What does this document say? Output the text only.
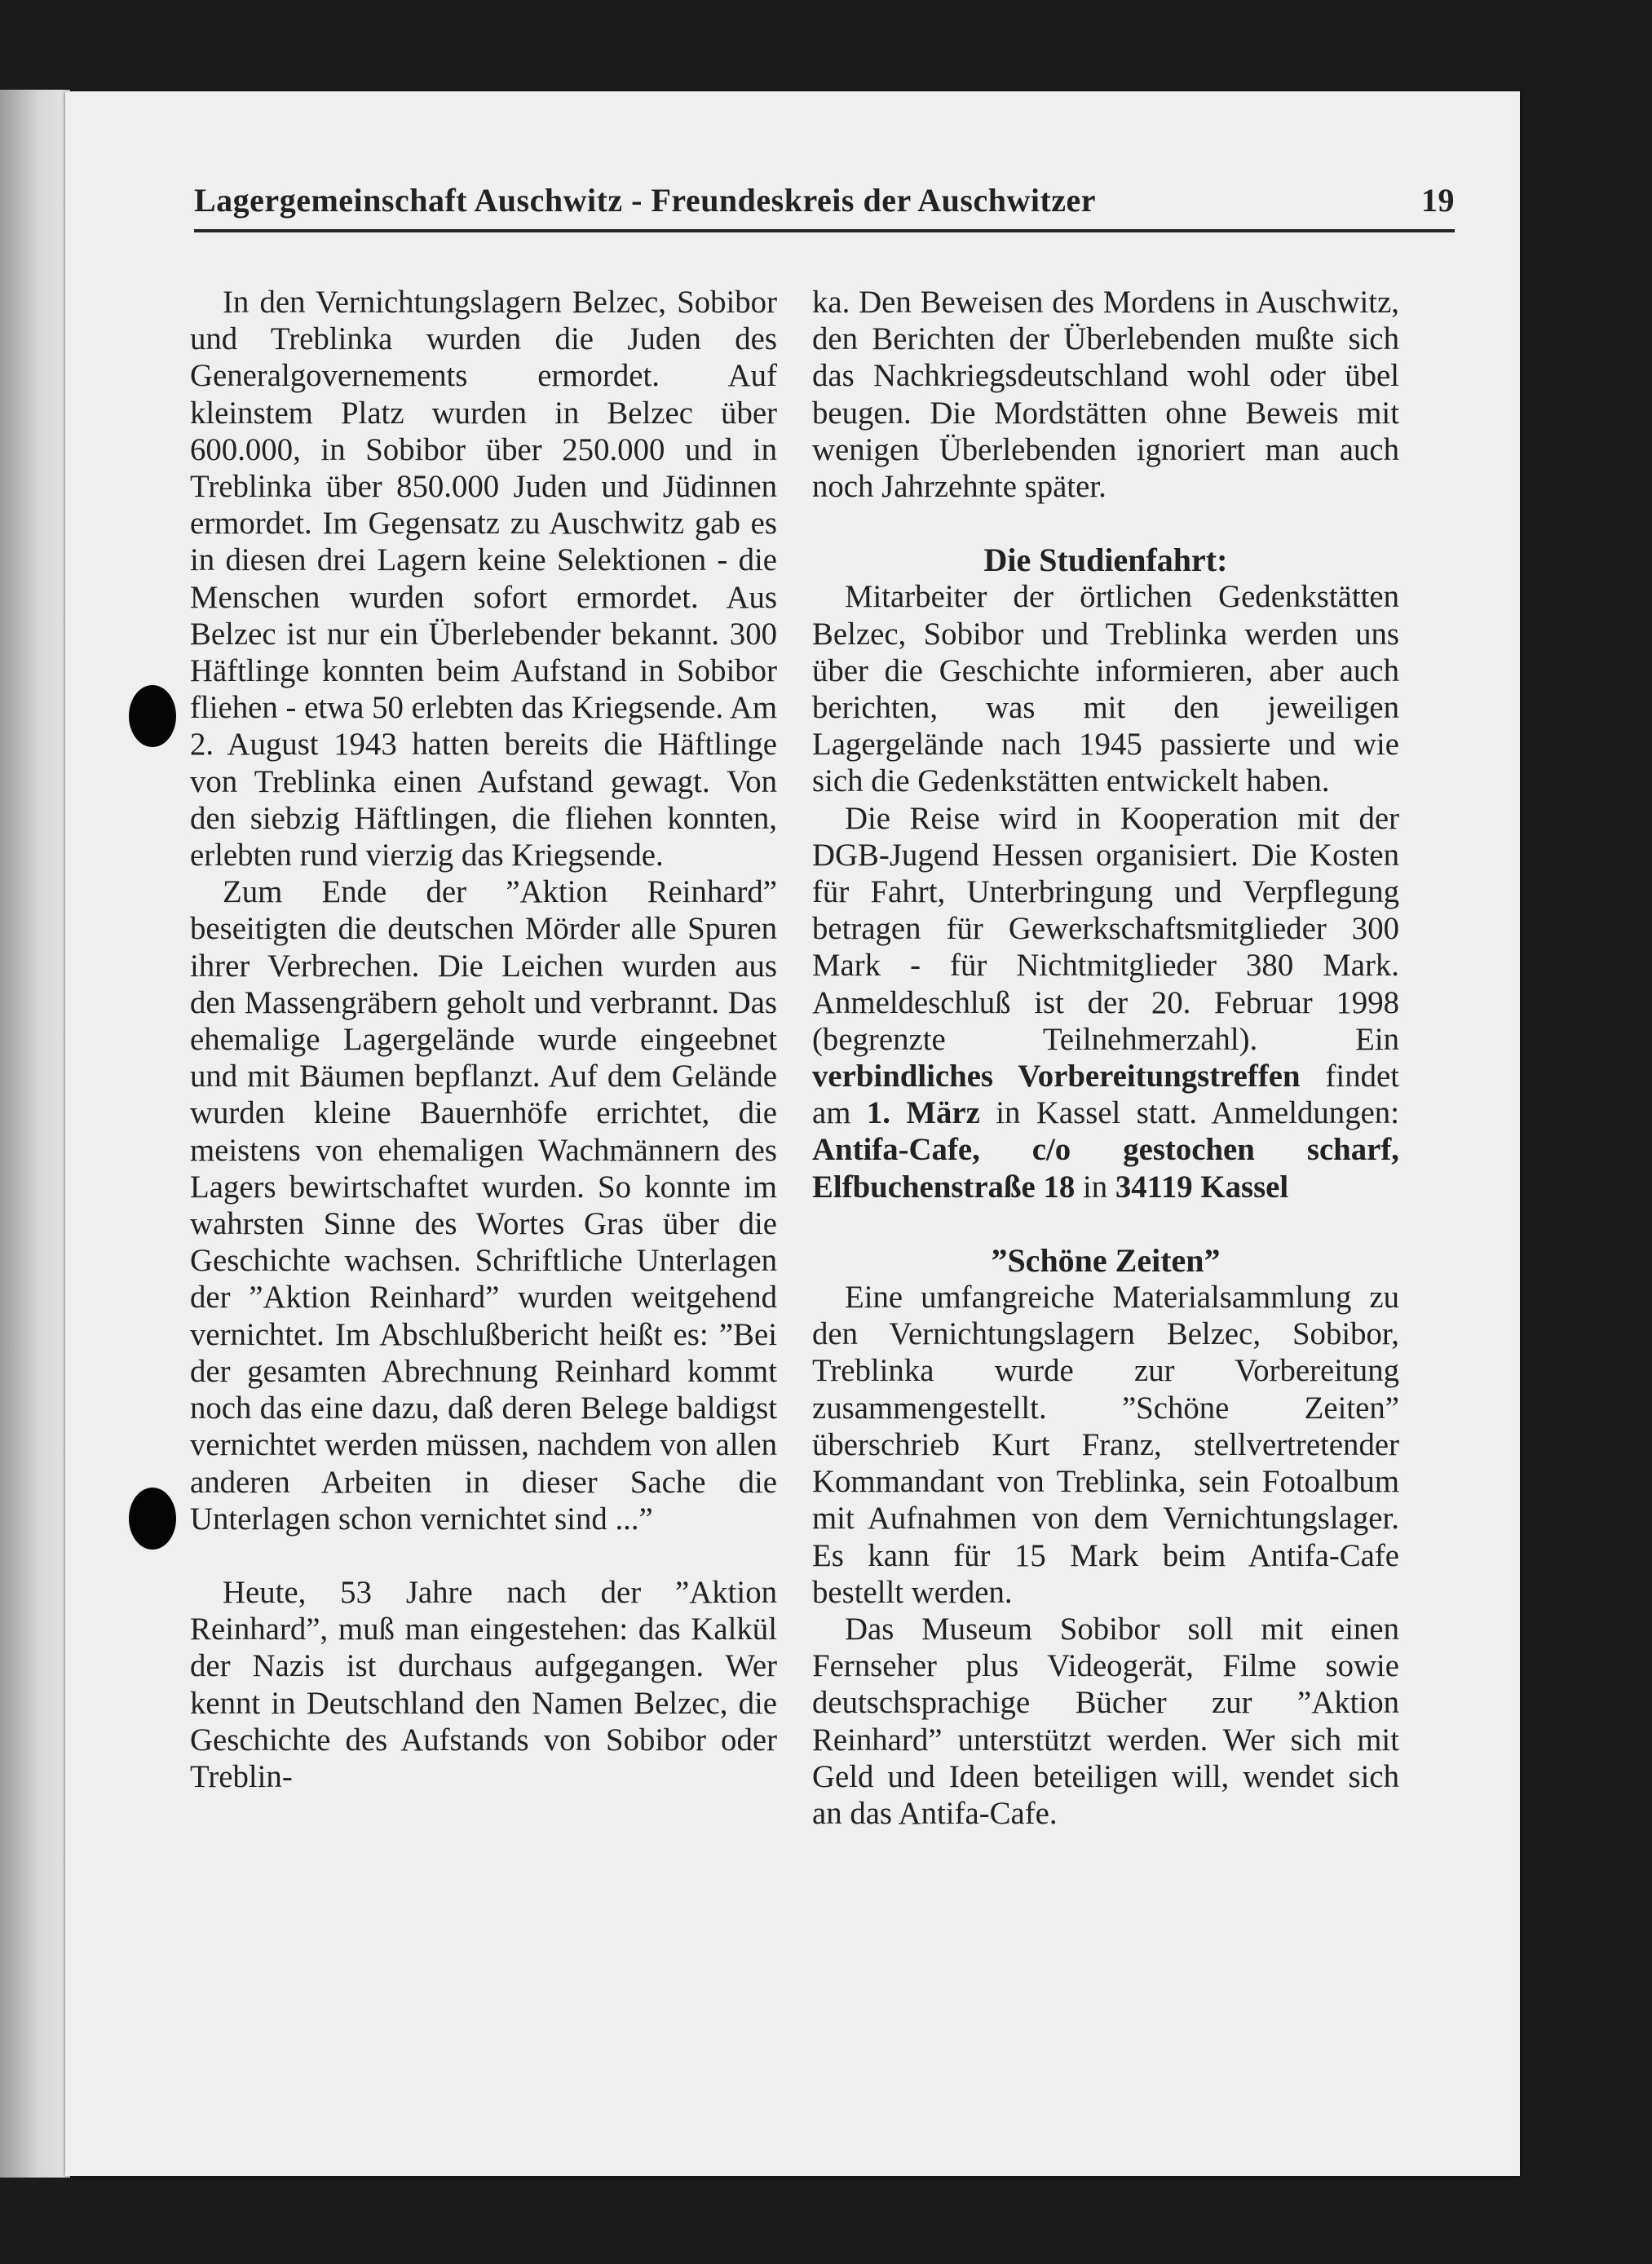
Lagergemeinschaft Auschwitz - Freundeskreis der Auschwitzer	19

In den Vernichtungslagern Belzec, Sobibor und Treblinka wurden die Juden des Generalgovernements ermordet. Auf kleinstem Platz wurden in Belzec über 600.000, in Sobibor über 250.000 und in Treblinka über 850.000 Juden und Jüdinnen ermordet. Im Gegensatz zu Auschwitz gab es in diesen drei Lagern keine Selektionen - die Menschen wurden sofort ermordet. Aus Belzec ist nur ein Überlebender bekannt. 300 Häftlinge konnten beim Aufstand in Sobibor fliehen - etwa 50 erlebten das Kriegsende. Am 2. August 1943 hatten bereits die Häftlinge von Treblinka einen Aufstand gewagt. Von den siebzig Häftlingen, die fliehen konnten, erlebten rund vierzig das Kriegsende.

Zum Ende der ”Aktion Reinhard” beseitigten die deutschen Mörder alle Spuren ihrer Verbrechen. Die Leichen wurden aus den Massengräbern geholt und verbrannt. Das ehemalige Lagergelände wurde eingeebnet und mit Bäumen bepflanzt. Auf dem Gelände wurden kleine Bauernhöfe errichtet, die meistens von ehemaligen Wachmännern des Lagers bewirtschaftet wurden. So konnte im wahrsten Sinne des Wortes Gras über die Geschichte wachsen. Schriftliche Unterlagen der ”Aktion Reinhard” wurden weitgehend vernichtet. Im Abschlußbericht heißt es: ”Bei der gesamten Abrechnung Reinhard kommt noch das eine dazu, daß deren Belege baldigst vernichtet werden müssen, nachdem von allen anderen Arbeiten in dieser Sache die Unterlagen schon vernichtet sind ...”

Heute, 53 Jahre nach der ”Aktion Reinhard”, muß man eingestehen: das Kalkül der Nazis ist durchaus aufgegangen. Wer kennt in Deutschland den Namen Belzec, die Geschichte des Aufstands von Sobibor oder Treblin-

ka. Den Beweisen des Mordens in Auschwitz, den Berichten der Überlebenden mußte sich das Nachkriegsdeutschland wohl oder übel beugen. Die Mordstätten ohne Beweis mit wenigen Überlebenden ignoriert man auch noch Jahrzehnte später.

Die Studienfahrt:

Mitarbeiter der örtlichen Gedenkstätten Belzec, Sobibor und Treblinka werden uns über die Geschichte informieren, aber auch berichten, was mit den jeweiligen Lagergelände nach 1945 passierte und wie sich die Gedenkstätten entwickelt haben.

Die Reise wird in Kooperation mit der DGB-Jugend Hessen organisiert. Die Kosten für Fahrt, Unterbringung und Verpflegung betragen für Gewerkschaftsmitglieder 300 Mark - für Nichtmitglieder 380 Mark. Anmeldeschluß ist der 20. Februar 1998 (begrenzte Teilnehmerzahl). Ein verbindliches Vorbereitungstreffen findet am 1. März in Kassel statt. Anmeldungen: Antifa-Cafe, c/o gestochen scharf, Elfbuchenstraße 18 in 34119 Kassel

”Schöne Zeiten”

Eine umfangreiche Materialsammlung zu den Vernichtungslagern Belzec, Sobibor, Treblinka wurde zur Vorbereitung zusammengestellt. ”Schöne Zeiten” überschrieb Kurt Franz, stellvertretender Kommandant von Treblinka, sein Fotoalbum mit Aufnahmen von dem Vernichtungslager. Es kann für 15 Mark beim Antifa-Cafe bestellt werden.

Das Museum Sobibor soll mit einen Fernseher plus Videogerät, Filme sowie deutschsprachige Bücher zur ”Aktion Reinhard” unterstützt werden. Wer sich mit Geld und Ideen beteiligen will, wendet sich an das Antifa-Cafe.
